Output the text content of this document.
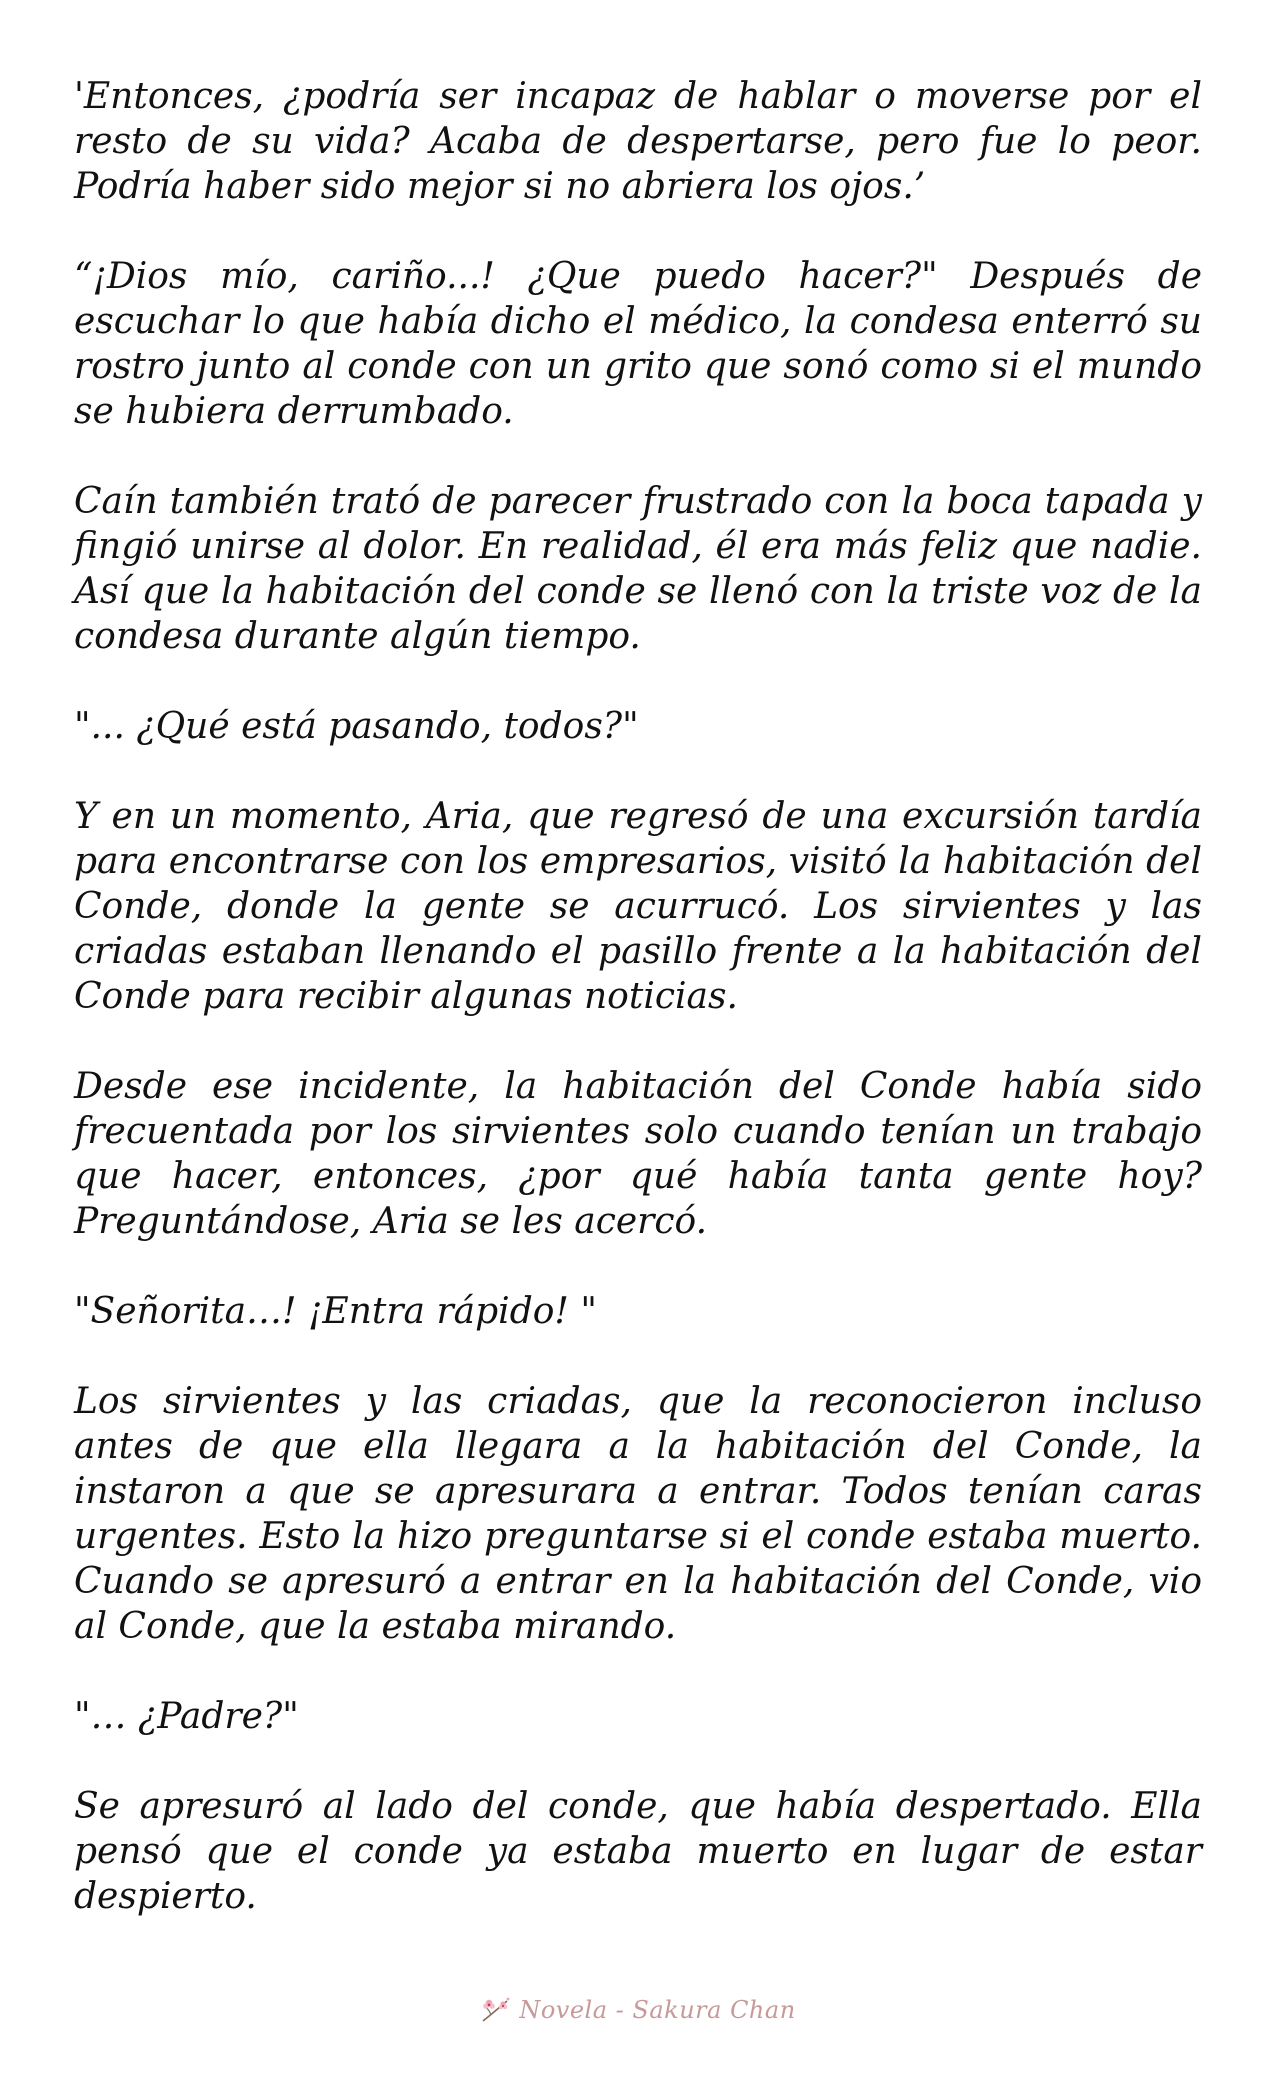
'Entonces, ¿podría ser incapaz de hablar o moverse por el resto de su vida? Acaba de despertarse, pero fue lo peor. Podría haber sido mejor si no abriera los ojos.’

“¡Dios mío, cariño...! ¿Que puedo hacer?" Después de escuchar lo que había dicho el médico, la condesa enterró su rostro junto al conde con un grito que sonó como si el mundo se hubiera derrumbado.

Caín también trató de parecer frustrado con la boca tapada y fingió unirse al dolor. En realidad, él era más feliz que nadie. Así que la habitación del conde se llenó con la triste voz de la condesa durante algún tiempo.

"... ¿Qué está pasando, todos?"

Y en un momento, Aria, que regresó de una excursión tardía para encontrarse con los empresarios, visitó la habitación del Conde, donde la gente se acurrucó. Los sirvientes y las criadas estaban llenando el pasillo frente a la habitación del Conde para recibir algunas noticias.

Desde ese incidente, la habitación del Conde había sido frecuentada por los sirvientes solo cuando tenían un trabajo que hacer, entonces, ¿por qué había tanta gente hoy? Preguntándose, Aria se les acercó.

"Señorita…! ¡Entra rápido! "

Los sirvientes y las criadas, que la reconocieron incluso antes de que ella llegara a la habitación del Conde, la instaron a que se apresurara a entrar. Todos tenían caras urgentes. Esto la hizo preguntarse si el conde estaba muerto. Cuando se apresuró a entrar en la habitación del Conde, vio al Conde, que la estaba mirando.

"… ¿Padre?"

Se apresuró al lado del conde, que había despertado. Ella pensó que el conde ya estaba muerto en lugar de estar despierto.

Novela - Sakura Chan
